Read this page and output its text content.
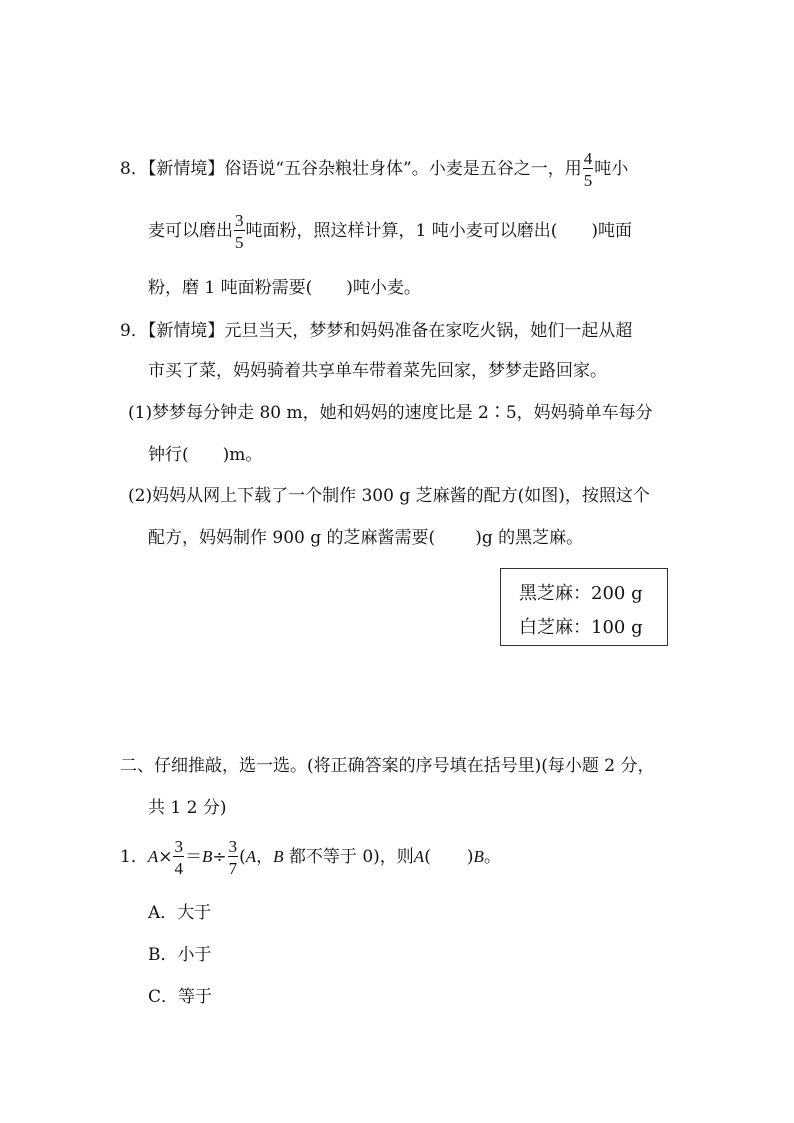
8．【新情境】俗语说“五谷杂粮壮身体”。小麦是五谷之一，用 $\frac{4}{5}$ 吨小
麦可以磨出 $\frac{3}{5}$ 吨面粉，照这样计算，1 吨小麦可以磨出( )吨面
粉，磨 1 吨面粉需要( )吨小麦。
9．【新情境】元旦当天，梦梦和妈妈准备在家吃火锅，她们一起从超
市买了菜，妈妈骑着共享单车带着菜先回家，梦梦走路回家。
(1)梦梦每分钟走 80 m，她和妈妈的速度比是 2∶5，妈妈骑单车每分
钟行( )m。
(2)妈妈从网上下载了一个制作 300 g 芝麻酱的配方(如图)，按照这个
配方，妈妈制作 900 g 的芝麻酱需要( )g 的黑芝麻。
黑芝麻：200 g
白芝麻：100 g
二、仔细推敲，选一选。(将正确答案的序号填在括号里)(每小题 2 分，
共 1 2 分)
1．$A\times \frac{3}{4} =B\div \frac{3}{7} (A$，B 都不等于 0)，则A( )B。
A．大于
B．小于
C．等于
